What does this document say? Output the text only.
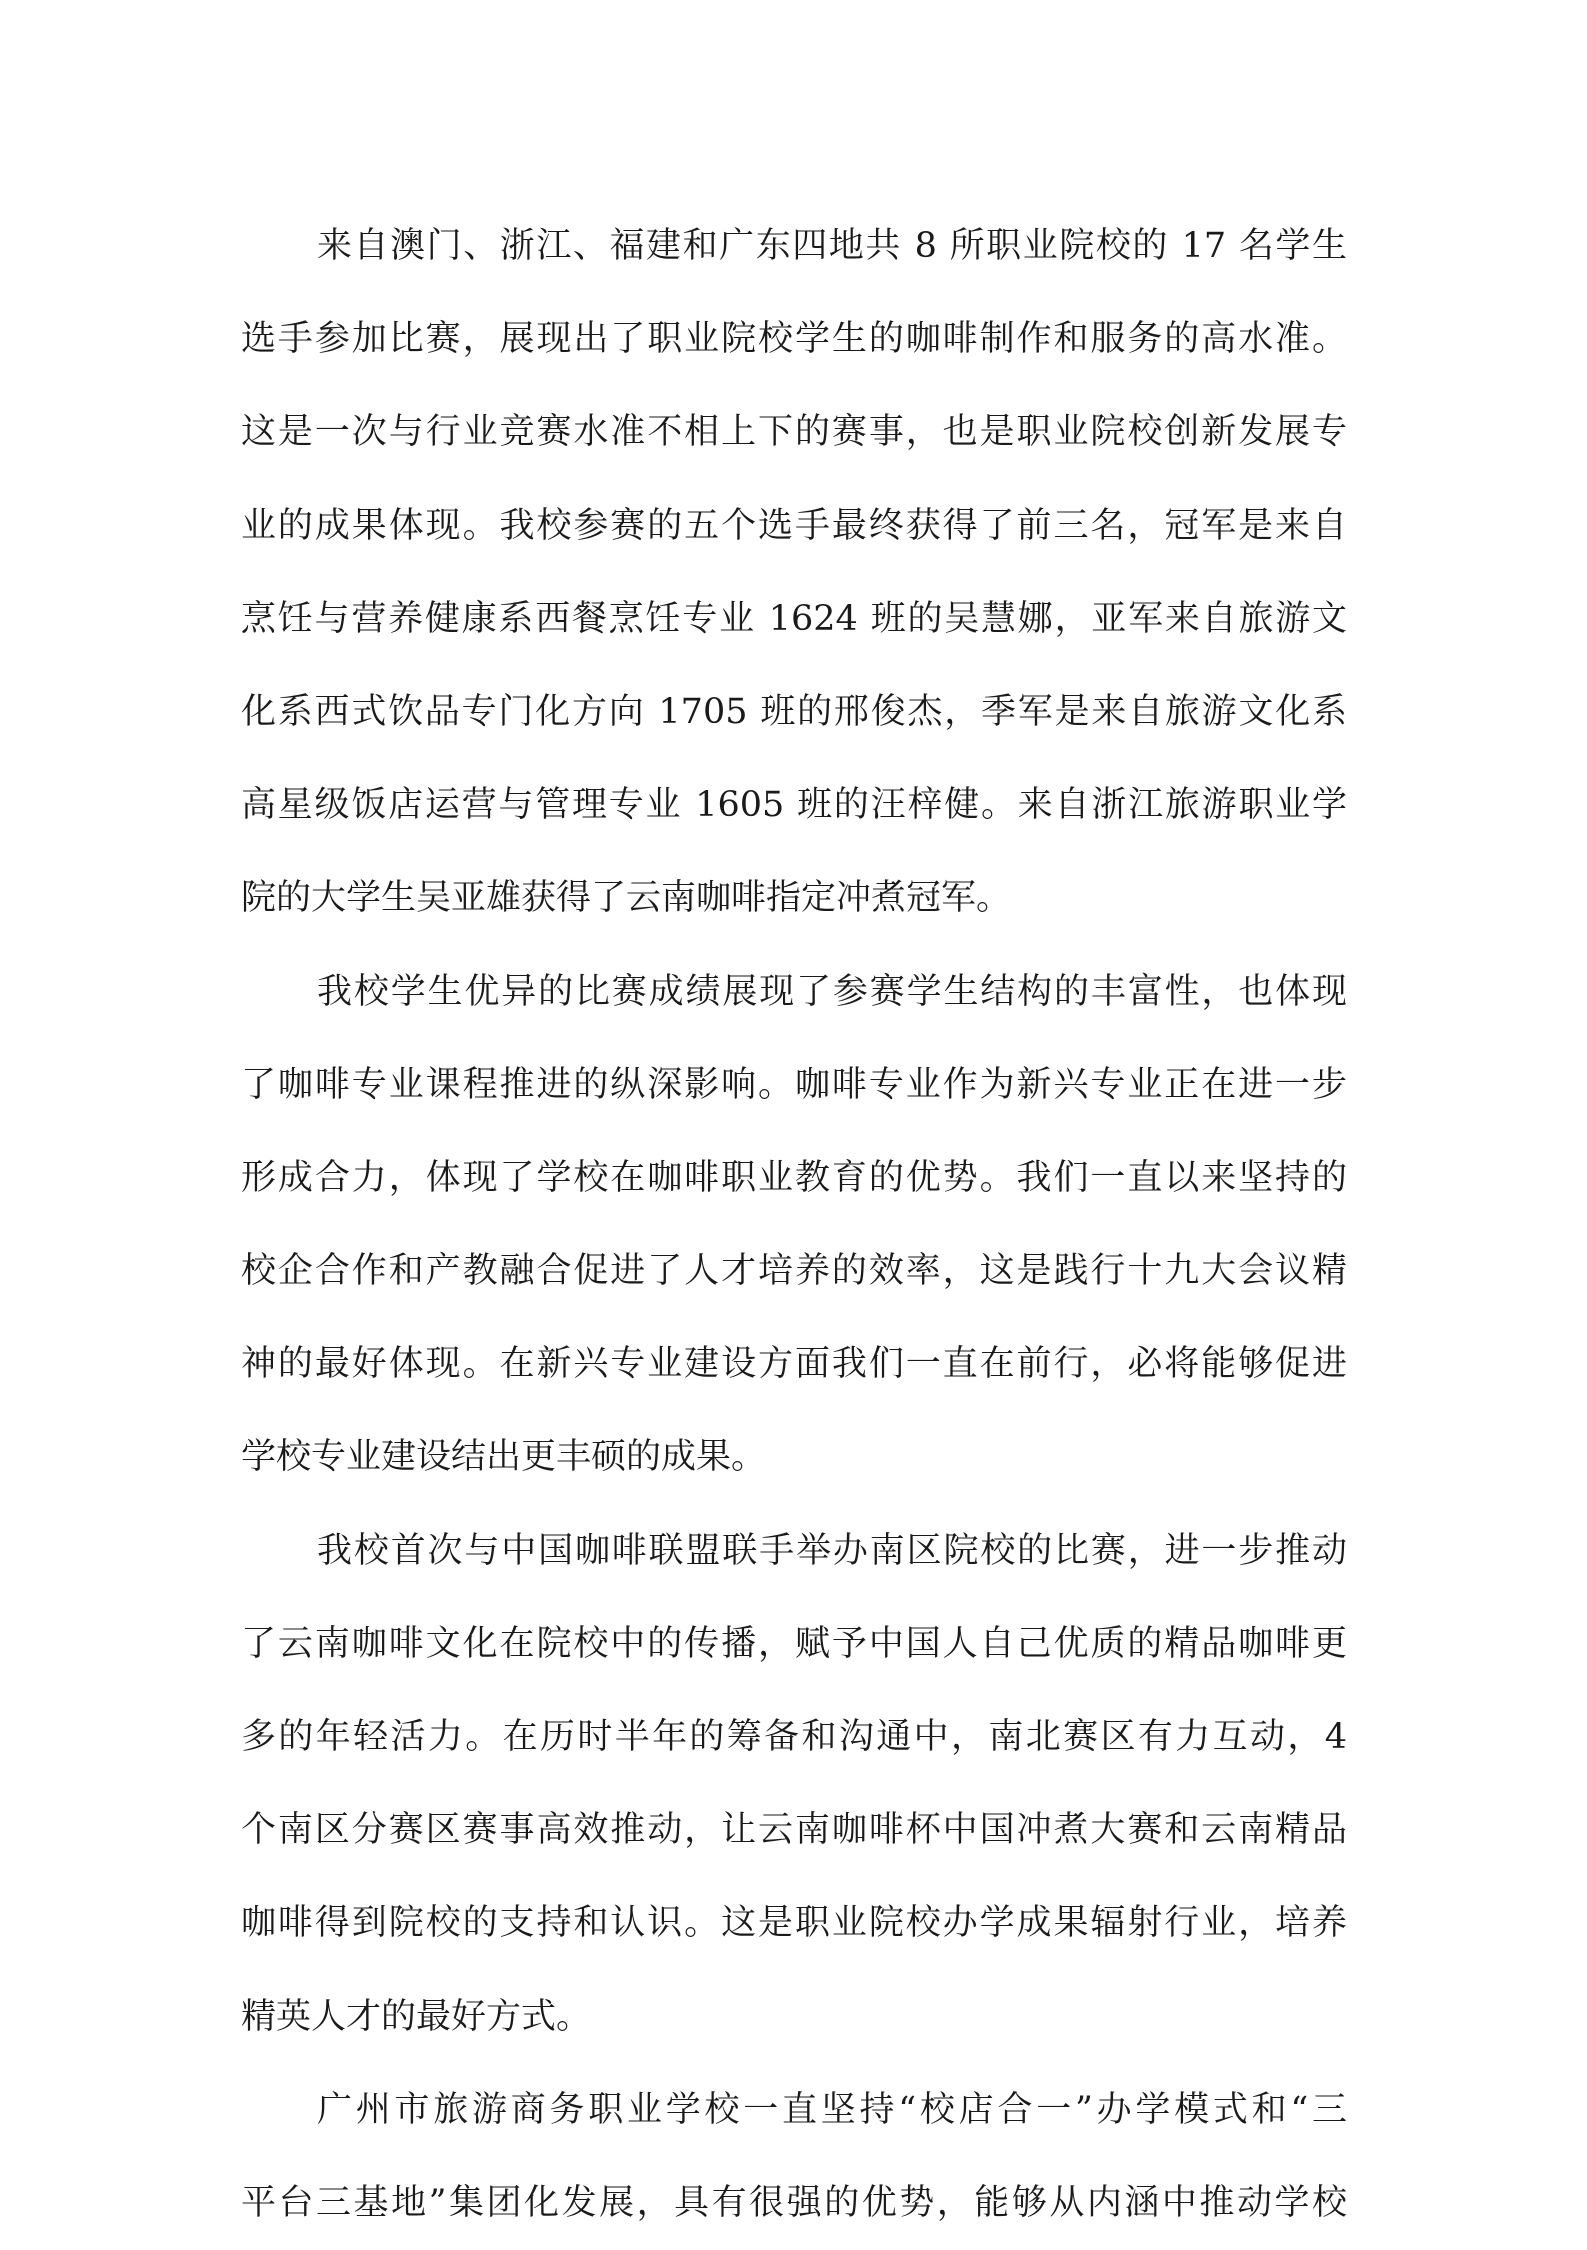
来自澳门、浙江、福建和广东四地共 8 所职业院校的 17 名学生
选手参加比赛，展现出了职业院校学生的咖啡制作和服务的高水准。
这是一次与行业竞赛水准不相上下的赛事，也是职业院校创新发展专
业的成果体现。我校参赛的五个选手最终获得了前三名，冠军是来自
烹饪与营养健康系西餐烹饪专业 1624 班的吴慧娜，亚军来自旅游文
化系西式饮品专门化方向 1705 班的邢俊杰，季军是来自旅游文化系
高星级饭店运营与管理专业 1605 班的汪梓健。来自浙江旅游职业学
院的大学生吴亚雄获得了云南咖啡指定冲煮冠军。
我校学生优异的比赛成绩展现了参赛学生结构的丰富性，也体现
了咖啡专业课程推进的纵深影响。咖啡专业作为新兴专业正在进一步
形成合力，体现了学校在咖啡职业教育的优势。我们一直以来坚持的
校企合作和产教融合促进了人才培养的效率，这是践行十九大会议精
神的最好体现。在新兴专业建设方面我们一直在前行，必将能够促进
学校专业建设结出更丰硕的成果。
我校首次与中国咖啡联盟联手举办南区院校的比赛，进一步推动
了云南咖啡文化在院校中的传播，赋予中国人自己优质的精品咖啡更
多的年轻活力。在历时半年的筹备和沟通中，南北赛区有力互动，4
个南区分赛区赛事高效推动，让云南咖啡杯中国冲煮大赛和云南精品
咖啡得到院校的支持和认识。这是职业院校办学成果辐射行业，培养
精英人才的最好方式。
广州市旅游商务职业学校一直坚持“校店合一”办学模式和“三
平台三基地”集团化发展，具有很强的优势，能够从内涵中推动学校
